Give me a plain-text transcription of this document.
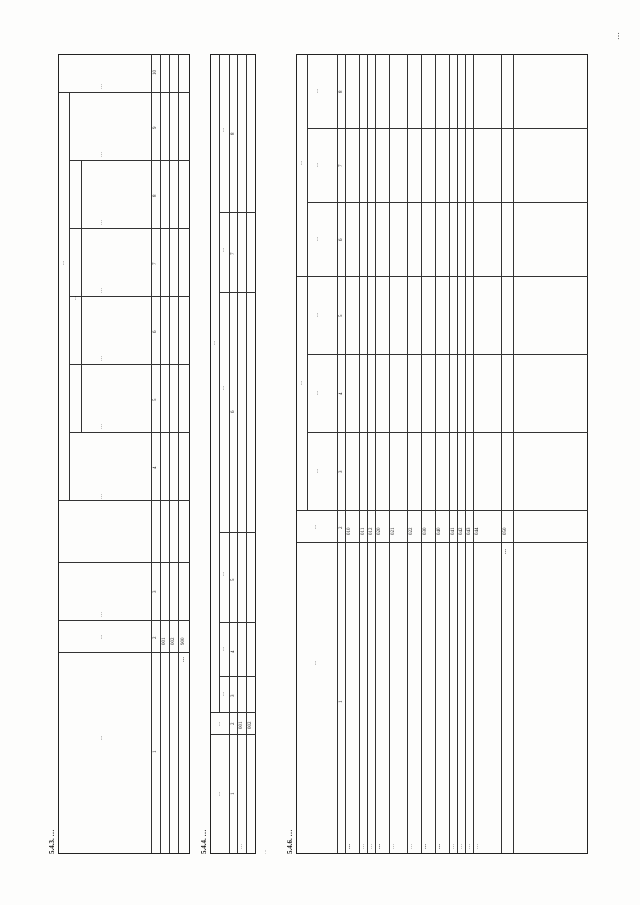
…
5.4.3. …
…
…
…
…
…
…
…
…
…
…
…
…
1
2
3
4
5
6
7
8
9
10
001 002
…
900
5.4.4. …
…
…
…
…
…
…
…
…
…
1
2
3
4
5
6
7
8
…
001 002
…	5.4.6. …
…
…
…
…
…
…
…
…
…
…
1
2
3
4
5
6
7
8
…
010
…
011
…
012
…
020
…
021
…
022
…
030
…
040
…
041
…
042
…
043
…
044
…
050
